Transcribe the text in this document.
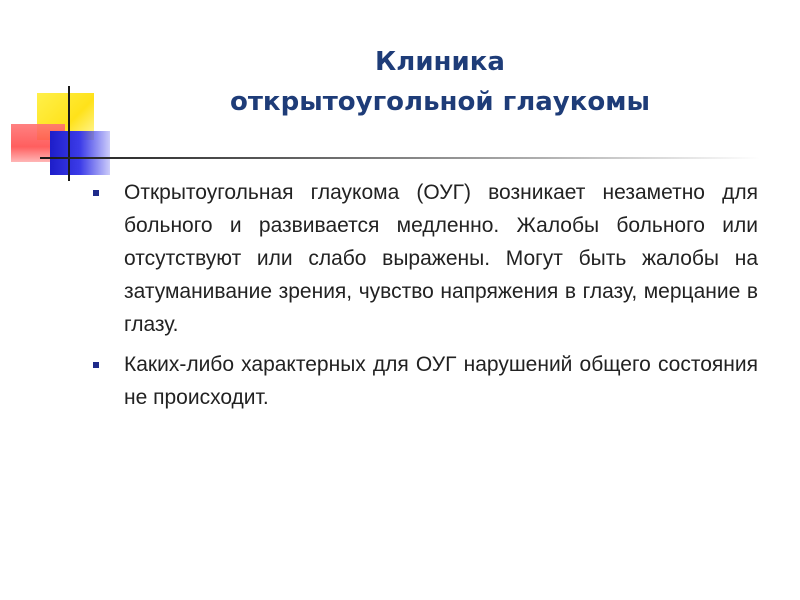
Клиника
открытоугольной глаукомы
Открытоугольная глаукома (ОУГ) возникает незаметно для больного и развивается медленно. Жалобы больного или отсутствуют или слабо выражены. Могут быть жалобы на затуманивание зрения, чувство напряжения в глазу, мерцание в глазу.
Каких-либо характерных для ОУГ нарушений общего состояния не происходит.
